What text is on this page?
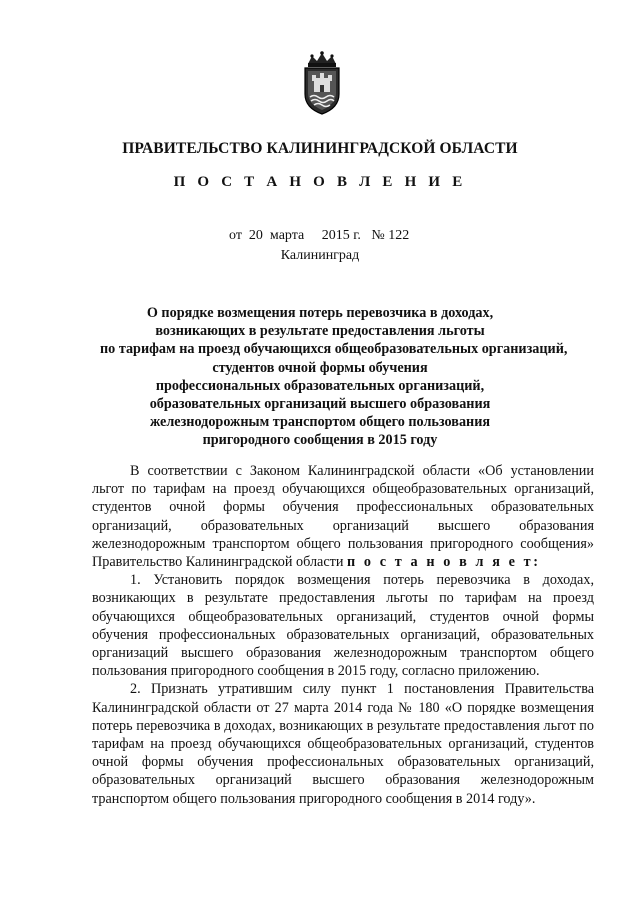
ПРАВИТЕЛЬСТВО КАЛИНИНГРАДСКОЙ ОБЛАСТИ
П О С Т А Н О В Л Е Н И Е
от  20  марта     2015 г.   № 122
Калининград
О порядке возмещения потерь перевозчика в доходах,
возникающих в результате предоставления льготы
по тарифам на проезд обучающихся общеобразовательных организаций,
студентов очной формы обучения
профессиональных образовательных организаций,
образовательных организаций высшего образования
железнодорожным транспортом общего пользования
пригородного сообщения в 2015 году

В соответствии с Законом Калининградской области «Об установлении льгот по тарифам на проезд обучающихся общеобразовательных организаций, студентов очной формы обучения профессиональных образовательных организаций, образовательных организаций высшего образования железнодорожным транспортом общего пользования пригородного сообщения» Правительство Калининградской области п о с т а н о в л я е т:

1. Установить порядок возмещения потерь перевозчика в доходах, возникающих в результате предоставления льготы по тарифам на проезд обучающихся общеобразовательных организаций, студентов очной формы обучения профессиональных образовательных организаций, образовательных организаций высшего образования железнодорожным транспортом общего пользования пригородного сообщения в 2015 году, согласно приложению.

2. Признать утратившим силу пункт 1 постановления Правительства Калининградской области от 27 марта 2014 года № 180 «О порядке возмещения потерь перевозчика в доходах, возникающих в результате предоставления льгот по тарифам на проезд обучающихся общеобразовательных организаций, студентов очной формы обучения профессиональных образовательных организаций, образовательных организаций высшего образования железнодорожным транспортом общего пользования пригородного сообщения в 2014 году».
